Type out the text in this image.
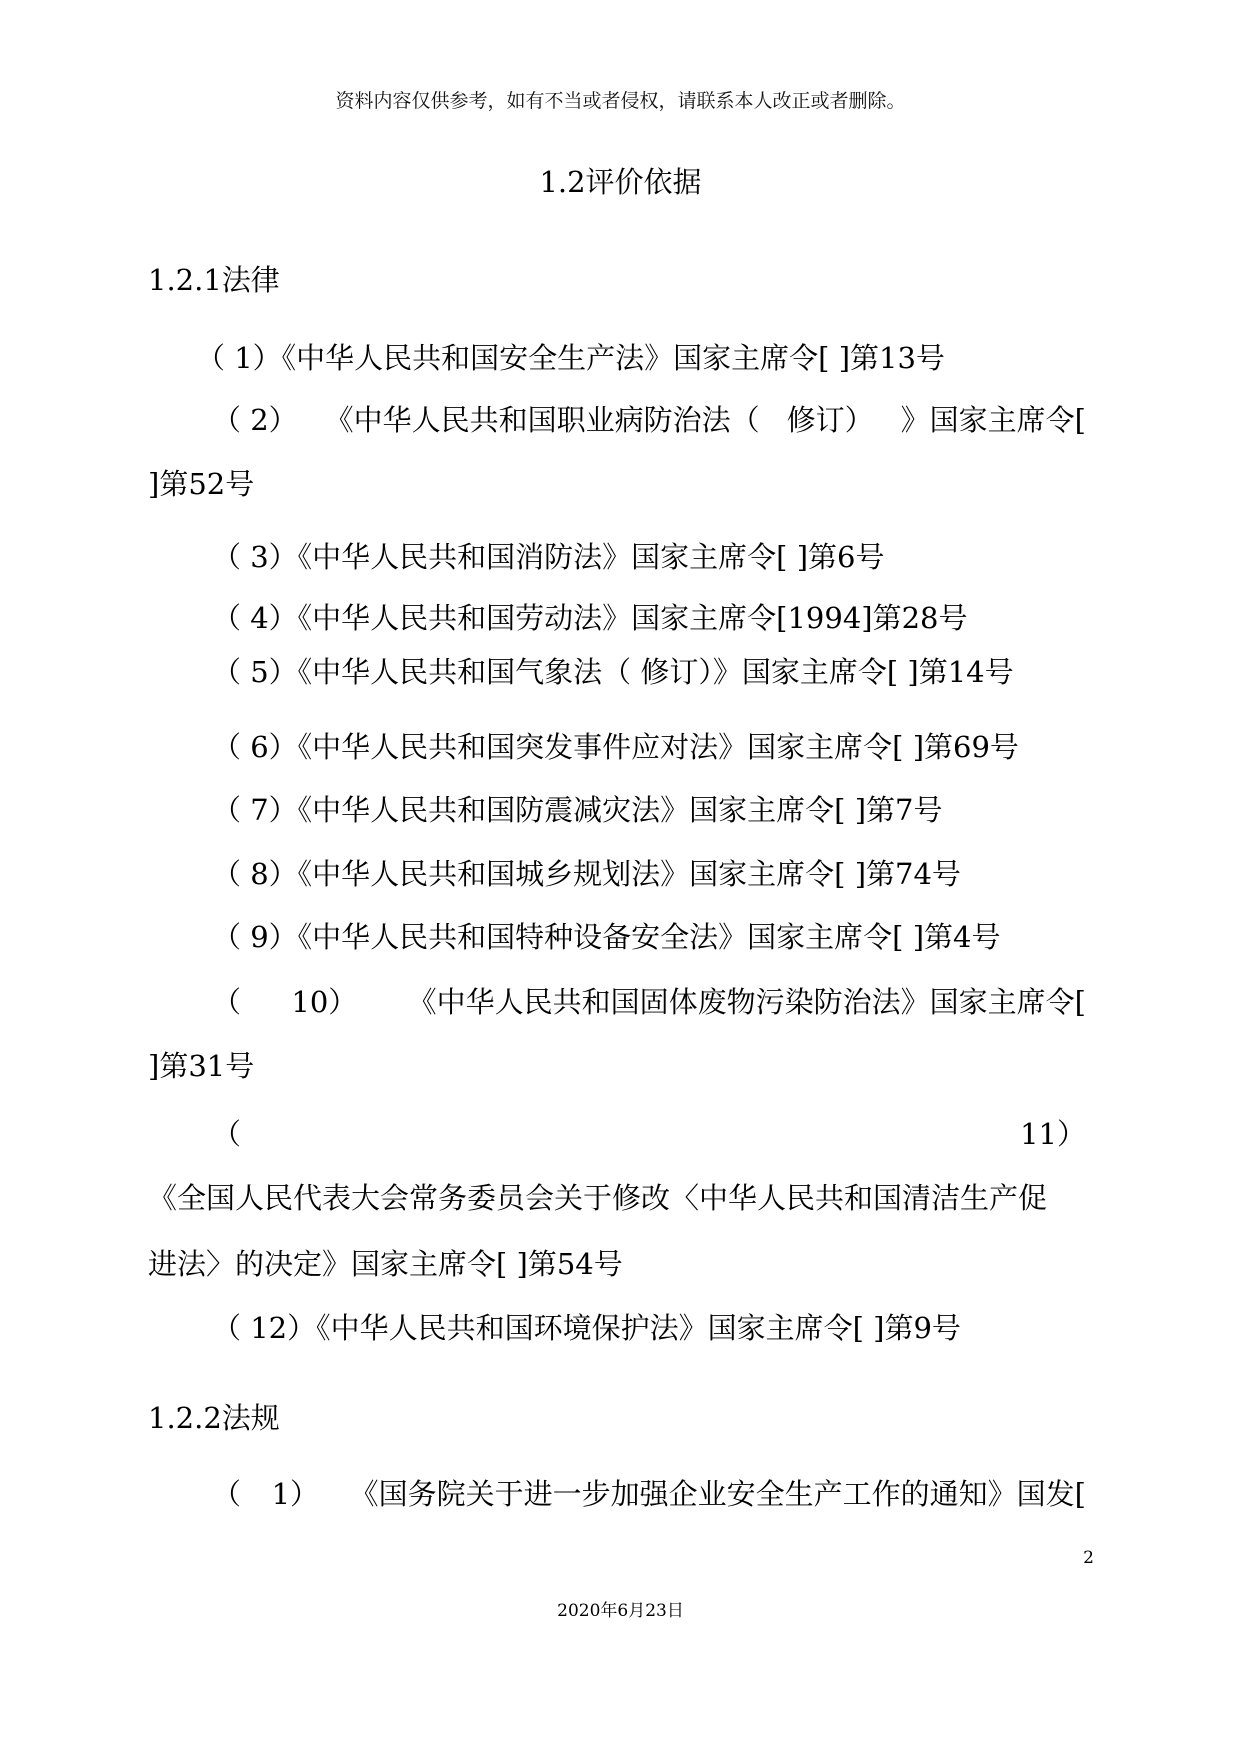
资料内容仅供参考，如有不当或者侵权，请联系本人改正或者删除。
1.2评价依据
1.2.1法律
（ 1）《中华人民共和国安全生产法》国家主席令[ ]第13号
（ 2） 《中华人民共和国职业病防治法（ 修订） 》国家主席令[
]第52号
（ 3）《中华人民共和国消防法》国家主席令[ ]第6号
（ 4）《中华人民共和国劳动法》国家主席令[1994]第28号
（ 5）《中华人民共和国气象法（ 修订）》国家主席令[ ]第14号
（ 6）《中华人民共和国突发事件应对法》国家主席令[ ]第69号
（ 7）《中华人民共和国防震减灾法》国家主席令[ ]第7号
（ 8）《中华人民共和国城乡规划法》国家主席令[ ]第74号
（ 9）《中华人民共和国特种设备安全法》国家主席令[ ]第4号
（ 10） 《中华人民共和国固体废物污染防治法》国家主席令[
]第31号
（	11）
《全国人民代表大会常务委员会关于修改〈中华人民共和国清洁生产促
进法〉的决定》国家主席令[ ]第54号
（ 12）《中华人民共和国环境保护法》国家主席令[ ]第9号
1.2.2法规
（ 1） 《国务院关于进一步加强企业安全生产工作的通知》国发[
2
2020年6月23日
